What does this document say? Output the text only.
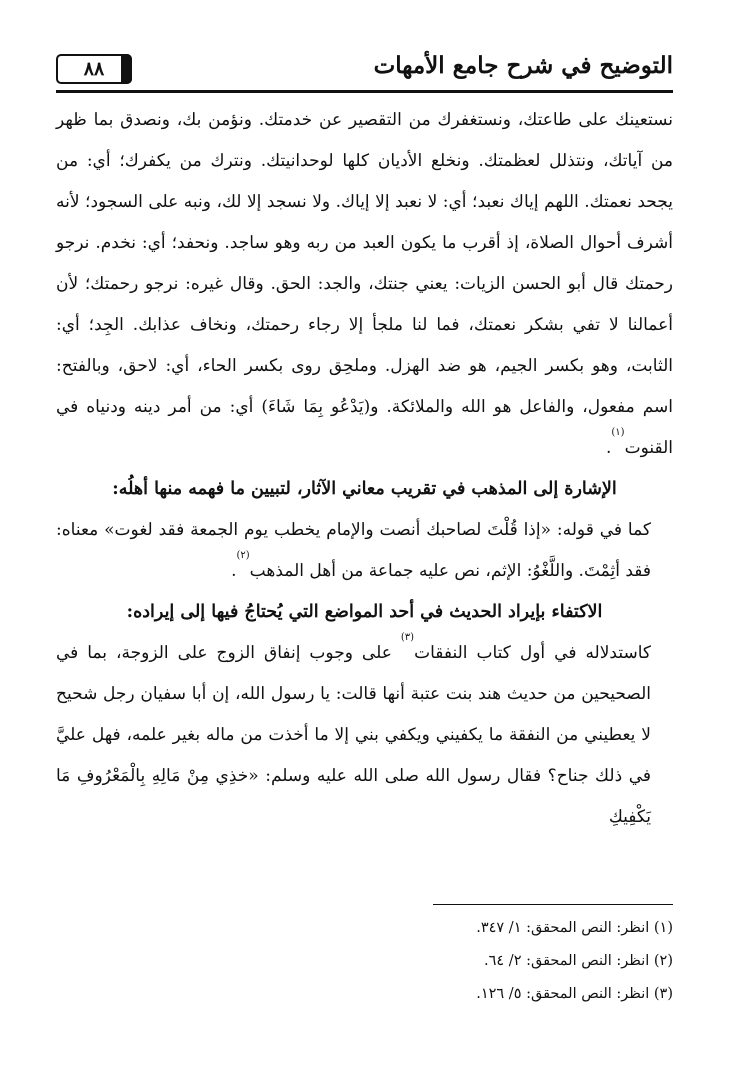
التوضيح في شرح جامع الأمهات
٨٨

نستعينك على طاعتك، ونستغفرك من التقصير عن خدمتك. ونؤمن بك، ونصدق بما ظهر من آياتك، ونتذلل لعظمتك. ونخلع الأديان كلها لوحدانيتك. ونترك من يكفرك؛ أي: من يجحد نعمتك. اللهم إياك نعبد؛ أي: لا نعبد إلا إياك. ولا نسجد إلا لك، ونبه على السجود؛ لأنه أشرف أحوال الصلاة، إذ أقرب ما يكون العبد من ربه وهو ساجد. ونحفد؛ أي: نخدم. نرجو رحمتك قال أبو الحسن الزيات: يعني جنتك، والجد: الحق. وقال غيره: نرجو رحمتك؛ لأن أعمالنا لا تفي بشكر نعمتك، فما لنا ملجأ إلا رجاء رحمتك، ونخاف عذابك. الجِد؛ أي: الثابت، وهو بكسر الجيم، هو ضد الهزل. وملحِق روى بكسر الحاء، أي: لاحق، وبالفتح: اسم مفعول، والفاعل هو الله والملائكة. و(يَدْعُو بِمَا شَاءَ) أي: من أمر دينه ودنياه في القنوت$^{(١)}$.

الإشارة إلى المذهب في تقريب معاني الآثار، لتبيين ما فهمه منها أهلُه:

كما في قوله: «إذا قُلْتَ لصاحبك أنصت والإمام يخطب يوم الجمعة فقد لغوت» معناه: فقد أثِمْتَ. واللَّغْوُ: الإثم، نص عليه جماعة من أهل المذهب$^{(٢)}$.

الاكتفاء بإيراد الحديث في أحد المواضع التي يُحتاجُ فيها إلى إيراده:

كاستدلاله في أول كتاب النفقات$^{(٣)}$ على وجوب إنفاق الزوج على الزوجة، بما في الصحيحين من حديث هند بنت عتبة أنها قالت: يا رسول الله، إن أبا سفيان رجل شحيح لا يعطيني من النفقة ما يكفيني ويكفي بني إلا ما أخذت من ماله بغير علمه، فهل عليَّ في ذلك جناح؟ فقال رسول الله صلى الله عليه وسلم: «خذِي مِنْ مَالِهِ بِالْمَعْرُوفِ مَا يَكْفِيكِ

(١) انظر: النص المحقق: ١/ ٣٤٧.

(٢) انظر: النص المحقق: ٢/ ٦٤.

(٣) انظر: النص المحقق: ٥/ ١٢٦.
